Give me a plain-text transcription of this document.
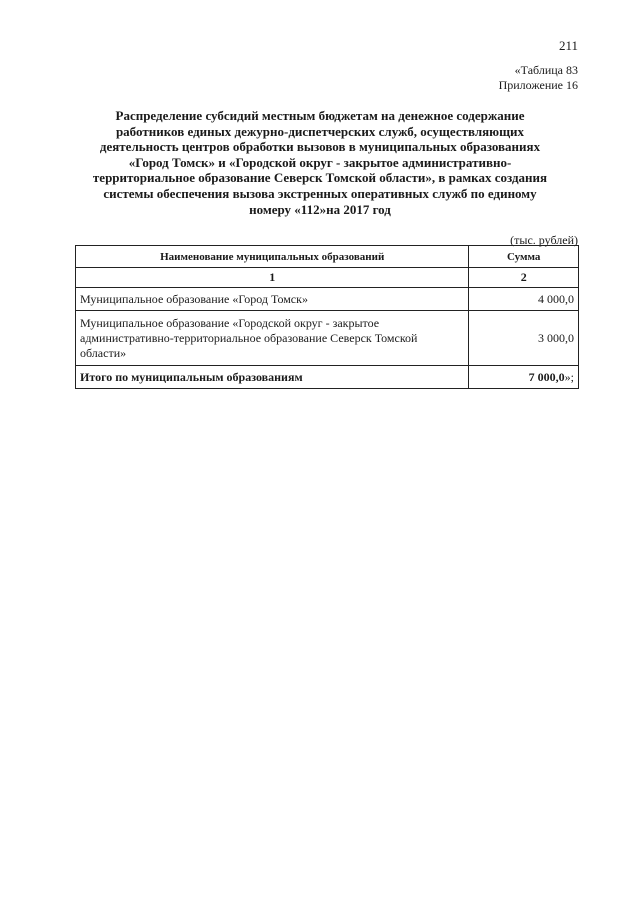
211
«Таблица 83
Приложение 16
Распределение субсидий местным бюджетам на денежное содержание
работников единых дежурно-диспетчерских служб, осуществляющих
деятельность центров обработки вызовов в муниципальных образованиях
«Город Томск» и «Городской округ - закрытое административно-
территориальное образование Северск Томской области», в рамках создания
системы обеспечения вызова экстренных оперативных служб по единому
номеру «112»на 2017 год
(тыс. рублей)
Наименование муниципальных образований	Сумма
1	2
Муниципальное образование «Город Томск»	4 000,0
Муниципальное образование «Городской округ - закрытое административно-территориальное образование Северск Томской области»	3 000,0
Итого по муниципальным образованиям	7 000,0»;
